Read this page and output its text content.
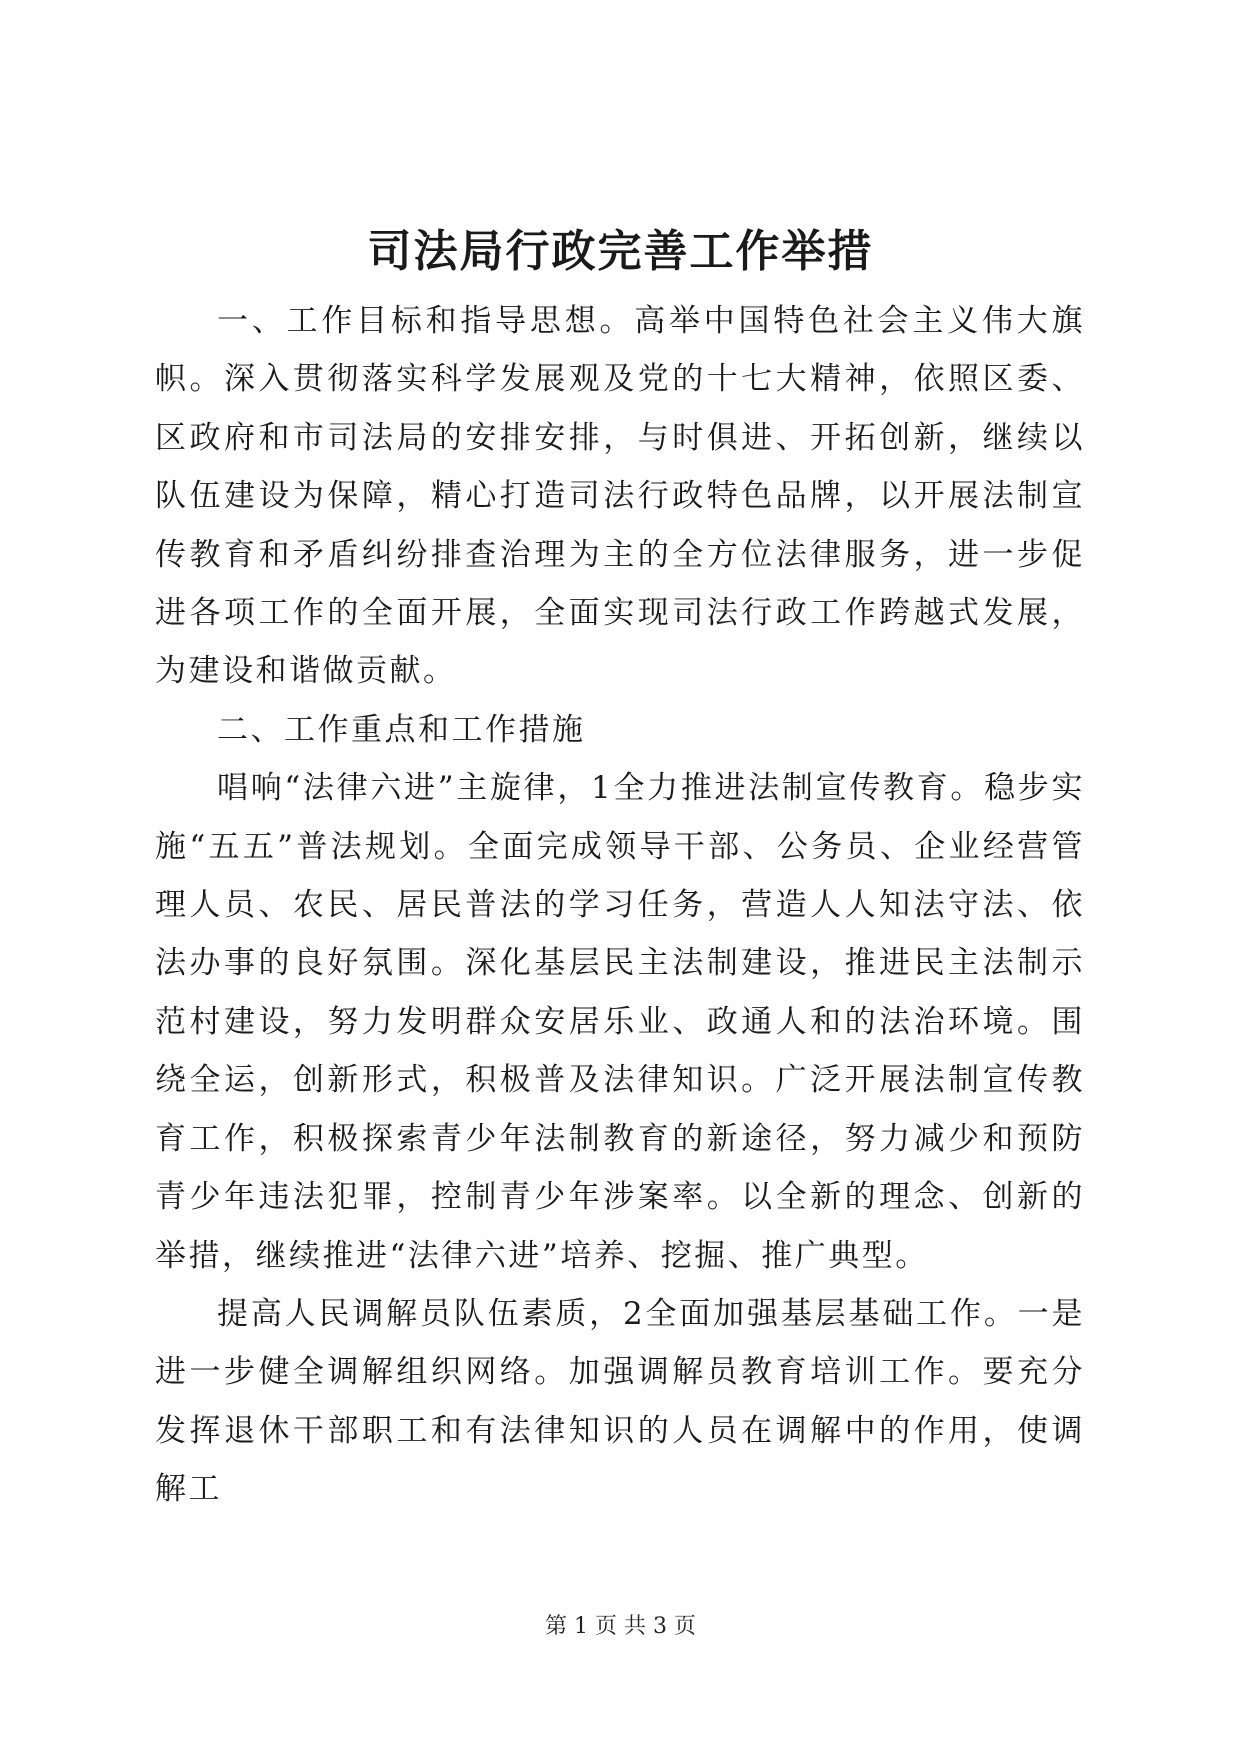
司法局行政完善工作举措

一、工作目标和指导思想。高举中国特色社会主义伟大旗帜。深入贯彻落实科学发展观及党的十七大精神，依照区委、区政府和市司法局的安排安排，与时俱进、开拓创新，继续以队伍建设为保障，精心打造司法行政特色品牌，以开展法制宣传教育和矛盾纠纷排查治理为主的全方位法律服务，进一步促进各项工作的全面开展，全面实现司法行政工作跨越式发展，为建设和谐做贡献。

二、工作重点和工作措施

唱响“法律六进”主旋律，1全力推进法制宣传教育。稳步实施“五五”普法规划。全面完成领导干部、公务员、企业经营管理人员、农民、居民普法的学习任务，营造人人知法守法、依法办事的良好氛围。深化基层民主法制建设，推进民主法制示范村建设，努力发明群众安居乐业、政通人和的法治环境。围绕全运，创新形式，积极普及法律知识。广泛开展法制宣传教育工作，积极探索青少年法制教育的新途径，努力减少和预防青少年违法犯罪，控制青少年涉案率。以全新的理念、创新的举措，继续推进“法律六进”培养、挖掘、推广典型。

提高人民调解员队伍素质，2全面加强基层基础工作。一是进一步健全调解组织网络。加强调解员教育培训工作。要充分发挥退休干部职工和有法律知识的人员在调解中的作用，使调解工

第 1 页 共 3 页
